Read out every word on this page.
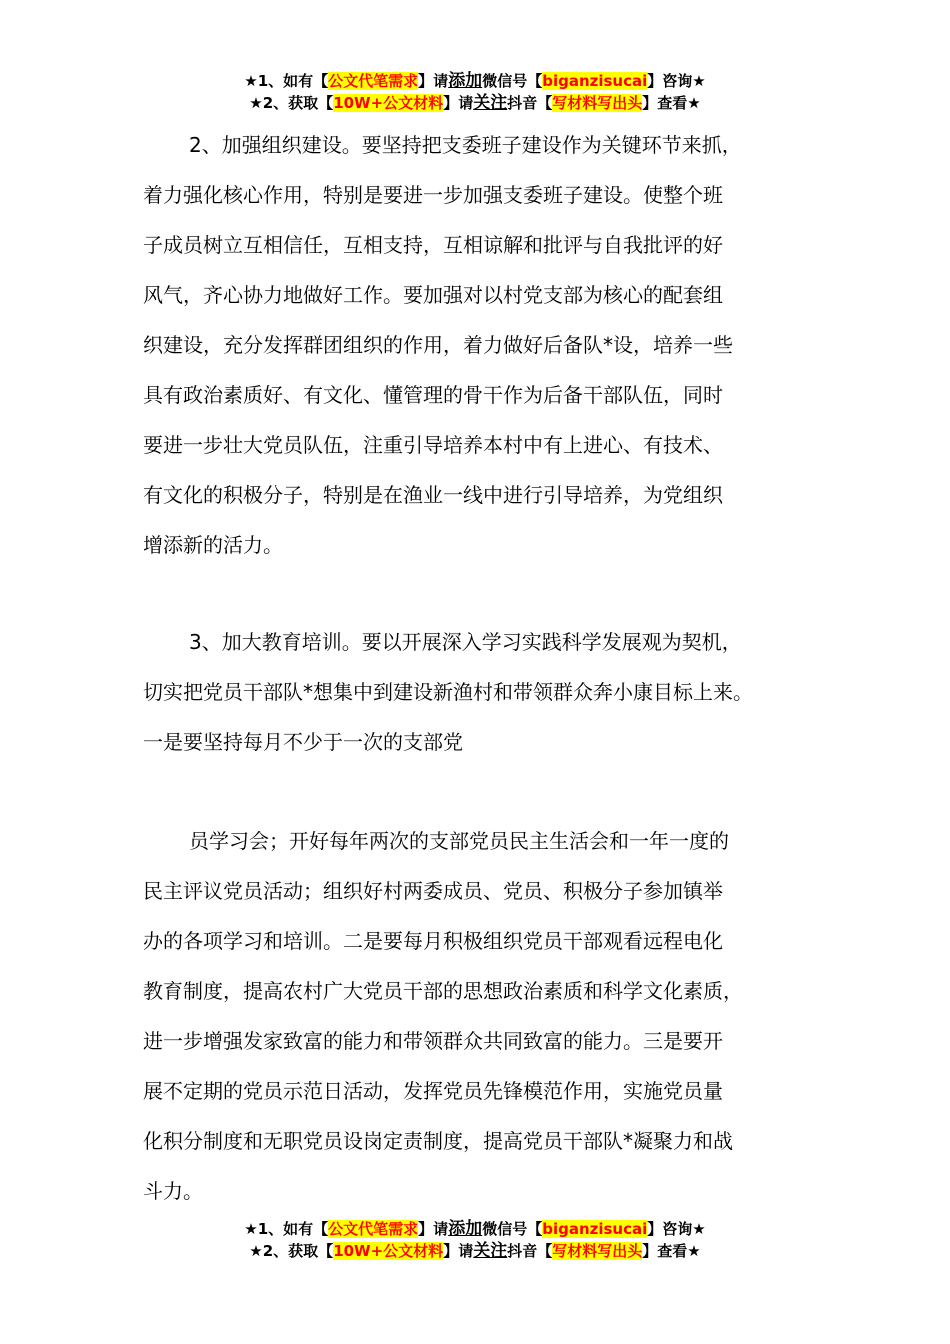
★1、如有【公文代笔需求】请添加微信号【biganzisucai】咨询★
★2、获取【10W+公文材料】请关注抖音【写材料写出头】查看★
2、加强组织建设。要坚持把支委班子建设作为关键环节来抓，
着力强化核心作用，特别是要进一步加强支委班子建设。使整个班
子成员树立互相信任，互相支持，互相谅解和批评与自我批评的好
风气，齐心协力地做好工作。要加强对以村党支部为核心的配套组
织建设，充分发挥群团组织的作用，着力做好后备队*设，培养一些
具有政治素质好、有文化、懂管理的骨干作为后备干部队伍，同时
要进一步壮大党员队伍，注重引导培养本村中有上进心、有技术、
有文化的积极分子，特别是在渔业一线中进行引导培养，为党组织
增添新的活力。
3、加大教育培训。要以开展深入学习实践科学发展观为契机，
切实把党员干部队*想集中到建设新渔村和带领群众奔小康目标上来。
一是要坚持每月不少于一次的支部党
员学习会；开好每年两次的支部党员民主生活会和一年一度的
民主评议党员活动；组织好村两委成员、党员、积极分子参加镇举
办的各项学习和培训。二是要每月积极组织党员干部观看远程电化
教育制度，提高农村广大党员干部的思想政治素质和科学文化素质，
进一步增强发家致富的能力和带领群众共同致富的能力。三是要开
展不定期的党员示范日活动，发挥党员先锋模范作用，实施党员量
化积分制度和无职党员设岗定责制度，提高党员干部队*凝聚力和战
斗力。
★1、如有【公文代笔需求】请添加微信号【biganzisucai】咨询★
★2、获取【10W+公文材料】请关注抖音【写材料写出头】查看★
